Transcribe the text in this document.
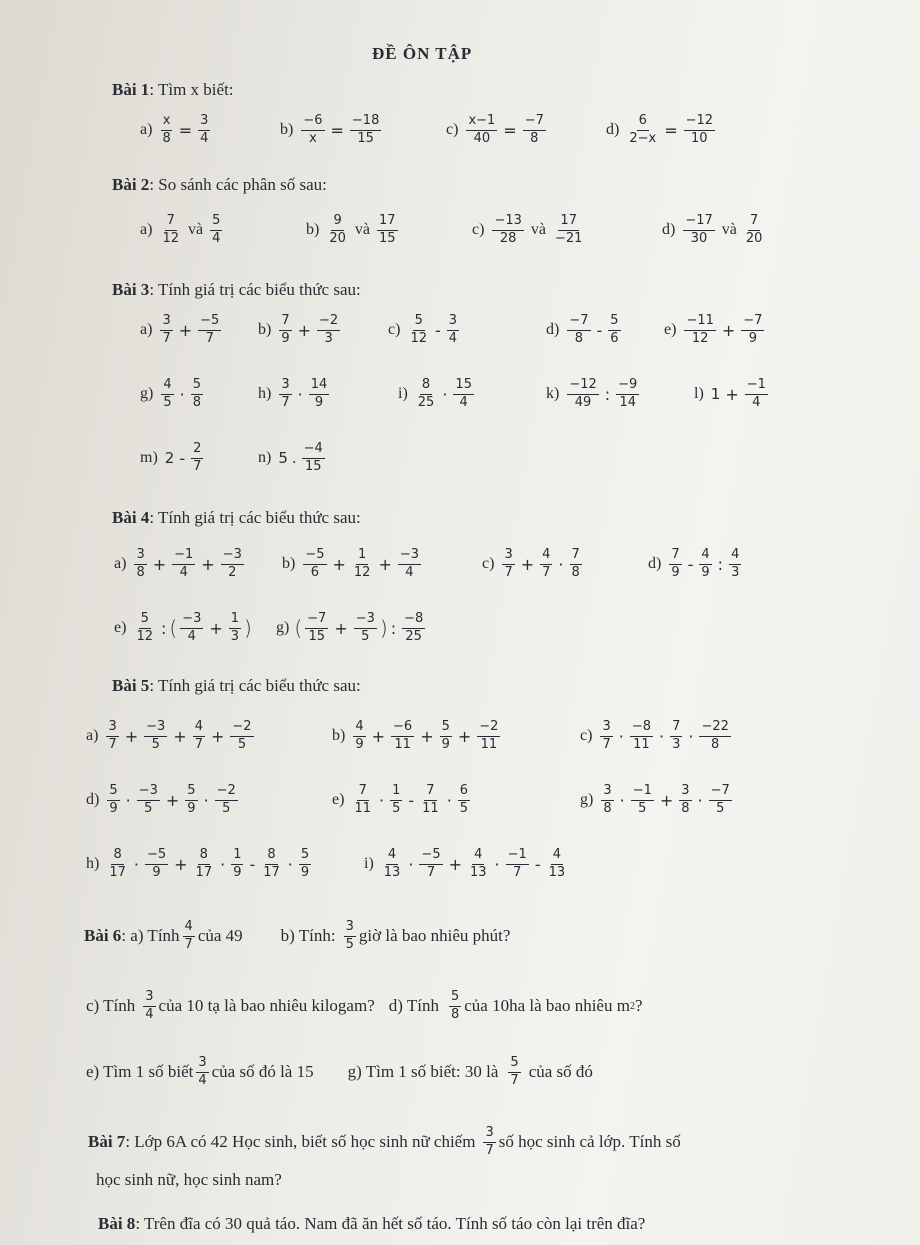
ĐỀ ÔN TẬP
Bài 1 : Tìm x biết:
$a) \frac{x}{8} = \frac{3}{4}$	$b) \frac{-6}{x} = \frac{-18}{15}$	$c) \frac{x-1}{40} = \frac{-7}{8}$	$d) \frac{6}{2-x} = \frac{-12}{10}$
Bài 2 : So sánh các phân số sau:
$a) \frac{7}{12}$ và $\frac{5}{4}$	$b) \frac{9}{20}$ và $\frac{17}{15}$	$c) \frac{-13}{28}$ và $\frac{17}{-21}$	$d) \frac{-17}{30}$ và $\frac{7}{20}$
Bài 3 : Tính giá trị các biểu thức sau:
$a) \frac{3}{7} + \frac{-5}{7} b) \frac{7}{9} + \frac{-2}{3}$	$c) \frac{5}{12} - \frac{3}{4}$	$d) \frac{-7}{8} - \frac{5}{6}$	$e) \frac{-11}{12} + \frac{-7}{9}$
$g) \frac{4}{5} \cdot \frac{5}{8}$	$h) \frac{3}{7} \cdot \frac{14}{9}$	$i) \frac{8}{25} \cdot \frac{15}{4}$	$k) \frac{-12}{49}$ : $\frac{-9}{14}$	l) $1 + \frac{-1}{4}$
m) $2 - \frac{2}{7}$	n) 5 . $\frac{-4}{15}$
Bài 4 : Tính giá trị các biểu thức sau:
$a) \frac{3}{8} + \frac{-1}{4} + \frac{-3}{2} b) \frac{-5}{6} + \frac{1}{12} + \frac{-3}{4}$	$c) \frac{3}{7} + \frac{4}{7} \cdot \frac{7}{8}$	$d) \frac{7}{9} - \frac{4}{9}$ : $\frac{4}{3}$
$e) \frac{5}{12}$ : ( $\frac{-3}{4} + \frac{1}{3}$ ) g) ( $\frac{-7}{15} + \frac{-3}{5}$ ) : $\frac{-8}{25}$
Bài 5 : Tính giá trị các biểu thức sau:
$a) \frac{3}{7} + \frac{-3}{5} + \frac{4}{7} + \frac{-2}{5}$	$b) \frac{4}{9} + \frac{-6}{11} + \frac{5}{9} + \frac{-2}{11}$	$c) \frac{3}{7} \cdot \frac{-8}{11} \cdot \frac{7}{3} \cdot \frac{-22}{8}$
$d) \frac{5}{9} \cdot \frac{-3}{5} + \frac{5}{9} \cdot \frac{-2}{5}$	$e) \frac{7}{11} \cdot \frac{1}{5} - \frac{7}{11} \cdot \frac{6}{5}$	$g) \frac{3}{8} \cdot \frac{-1}{5} + \frac{3}{8} \cdot \frac{-7}{5}$
$h) \frac{8}{17} \cdot \frac{-5}{9} + \frac{8}{17} \cdot \frac{1}{9} - \frac{8}{17} \cdot \frac{5}{9}$	$i) \frac{4}{13} \cdot \frac{-5}{7} + \frac{4}{13} \cdot \frac{-1}{7} - \frac{4}{13}$
Bài 6 : a) Tính $\frac{4}{7}$ của 49 b) Tính: $\frac{3}{5}$ giờ là bao nhiêu phút?
c) Tính $\frac{3}{4}$ của 10 tạ là bao nhiêu kilogam? d) Tính $\frac{5}{8}$ của 10ha là bao nhiêu m 2 ?
e) Tìm 1 số biết $\frac{3}{4}$ của số đó là 15 g) Tìm 1 số biết: 30 là $\frac{5}{7}$ của số đó
Bài 7 : Lớp 6A có 42 Học sinh, biết số học sinh nữ chiếm $\frac{3}{7}$ số học sinh cả lớp. Tính số
học sinh nữ, học sinh nam?
Bài 8 : Trên đĩa có 30 quả táo. Nam đã ăn hết số táo. Tính số táo còn lại trên đĩa?
